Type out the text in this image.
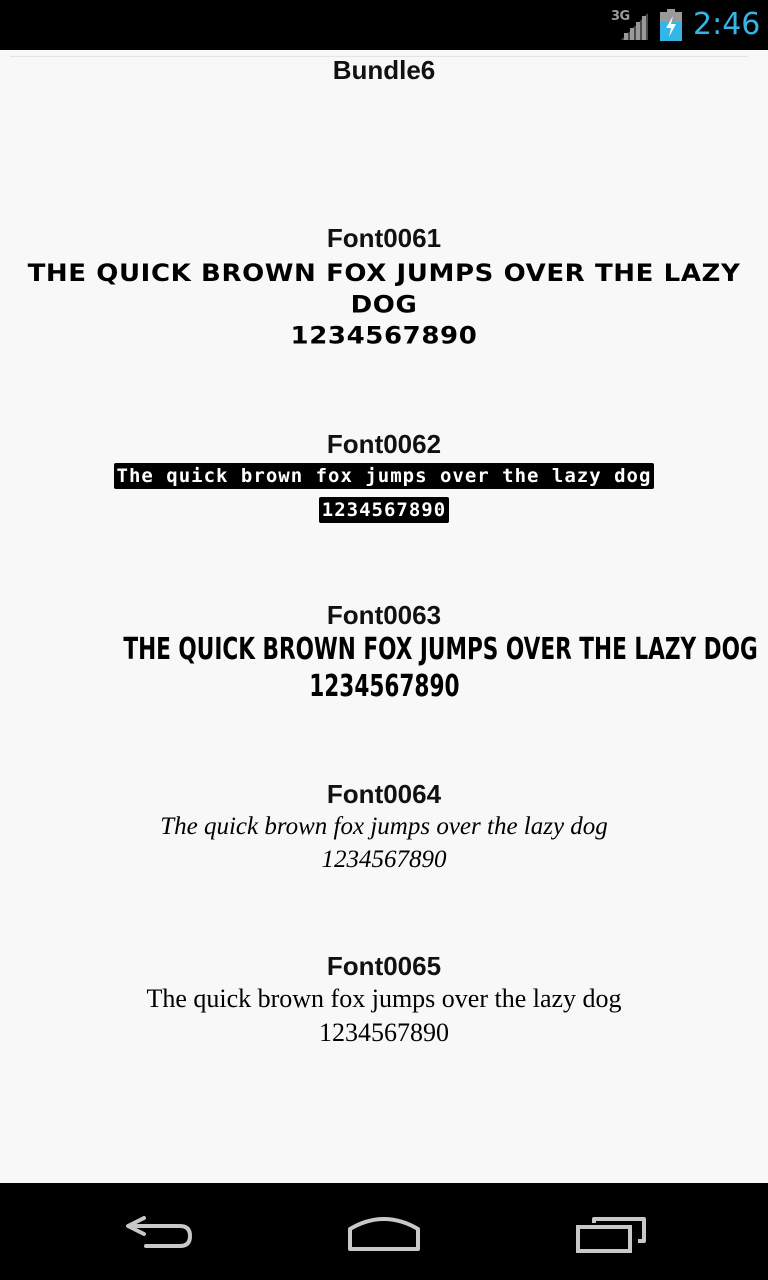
3G 2:46
Bundle6
Font0061
THE QUICK BROWN FOX JUMPS OVER THE LAZY
DOG
1234567890
Font0062
The quick brown fox jumps over the lazy dog
1234567890
Font0063
THE QUICK BROWN FOX JUMPS OVER THE LAZY DOG
1234567890
Font0064
The quick brown fox jumps over the lazy dog
1234567890
Font0065
The quick brown fox jumps over the lazy dog
1234567890
